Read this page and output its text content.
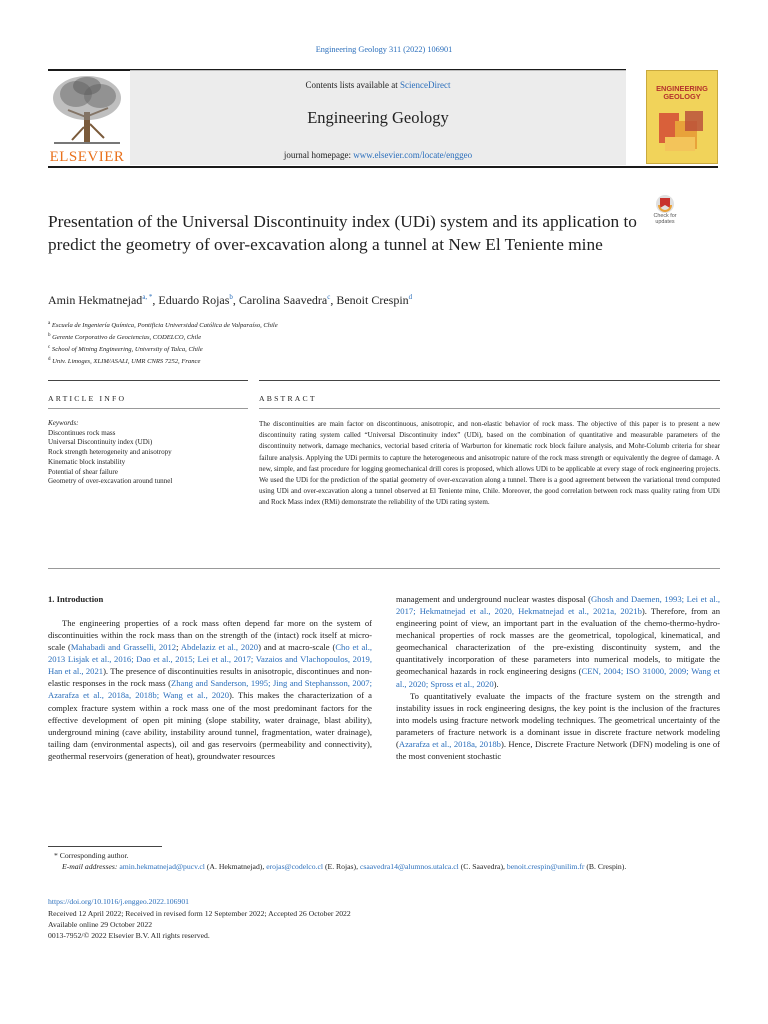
Engineering Geology 311 (2022) 106901
ELSEVIER
Contents lists available at ScienceDirect
Engineering Geology
journal homepage: www.elsevier.com/locate/enggeo
ENGINEERING
GEOLOGY
Presentation of the Universal Discontinuity index (UDi) system and its application to predict the geometry of over-excavation along a tunnel at New El Teniente mine
Check for
updates
Amin Hekmatnejad$^{a, *}$, Eduardo Rojas$^b$, Carolina Saavedra$^c$, Benoit Crespin$^d$
$^a$ Escuela de Ingeniería Química, Pontificia Universidad Católica de Valparaíso, Chile
$^b$ Gerente Corporativo de Geociencias, CODELCO, Chile
$^c$ School of Mining Engineering, University of Talca, Chile
$^d$ Univ. Limoges, XLIM/ASALI, UMR CNRS 7252, France
ARTICLE INFO	ABSTRACT
Keywords:
Discontinues rock mass
Universal Discontinuity index (UDi)
Rock strength heterogeneity and anisotropy
Kinematic block instability
Potential of shear failure
Geometry of over-excavation around tunnel
The discontinuities are main factor on discontinuous, anisotropic, and non-elastic behavior of rock mass. The objective of this paper is to present a new discontinuity rating system called “Universal Discontinuity index” (UDi), based on the combination of quantitative and measurable parameters of the discontinuity network, damage mechanics, vectorial based criteria of Warburton for kinematic rock block failure analysis, and Mohr-Columb criteria for shear failure analysis. Applying the UDi permits to capture the heterogeneous and anisotropic nature of the rock mass strength or equivalently the degree of damage. A new, simple, and fast procedure for logging geomechanical drill cores is proposed, which allows UDi to be applicable at every stage of rock engineering projects. We used the UDi for the prediction of the spatial geometry of over-excavation along a tunnel. There is a good agreement between the variational trend computed using UDi and over-excavation along a tunnel observed at El Teniente mine, Chile. Moreover, the good correlation between rock mass quality rating from UDi and Rock Mass index (RMi) demonstrate the reliability of the UDi rating system.
1. Introduction

The engineering properties of a rock mass often depend far more on the system of discontinuities within the rock mass than on the strength of the (intact) rock itself at micro-scale (Mahabadi and Grasselli, 2012; Abdelaziz et al., 2020) and at macro-scale (Cho et al., 2013 Lisjak et al., 2016; Dao et al., 2015; Lei et al., 2017; Vazaios and Vlachopoulos, 2019, Han et al., 2021). The presence of discontinuities results in anisotropic, discontinues and non-elastic responses in the rock mass (Zhang and Sanderson, 1995; Jing and Stephansson, 2007; Azarafza et al., 2018a, 2018b; Wang et al., 2020). This makes the characterization of a complex fracture system within a rock mass one of the most predominant factors for the effective development of open pit mining (slope stability, water drainage, blast ability), underground mining (cave ability, instability around tunnel, fragmentation, water drainage), tailing dam (environmental aspects), oil and gas reservoirs (permeability and connectivity), geothermal reservoirs (generation of heat), groundwater resources

management and underground nuclear wastes disposal (Ghosh and Daemen, 1993; Lei et al., 2017; Hekmatnejad et al., 2020, Hekmatnejad et al., 2021a, 2021b). Therefore, from an engineering point of view, an important part in the evaluation of the chemo-thermo-hydro-mechanical properties of rock masses are the geometrical, topological, kinematical, and geomechanical characterization of the pre-existing discontinuity system, and the quantitatively incorporation of these parameters into numerical models, to mitigate the geomechanical hazards in rock engineering designs (CEN, 2004; ISO 31000, 2009; Wang et al., 2020; Spross et al., 2020).

To quantitatively evaluate the impacts of the fracture system on the strength and instability issues in rock engineering designs, the key point is the inclusion of the fractures into models using fracture network modeling techniques. The geometrical uncertainty of the parameters of fracture network is a dominant issue in discrete fracture network modeling (Azarafza et al., 2018a, 2018b). Hence, Discrete Fracture Network (DFN) modeling is one of the most convenient stochastic

* Corresponding author.
E-mail addresses: amin.hekmatnejad@pucv.cl (A. Hekmatnejad), erojas@codelco.cl (E. Rojas), csaavedra14@alumnos.utalca.cl (C. Saavedra), benoit.crespin@unilim.fr (B. Crespin).
https://doi.org/10.1016/j.enggeo.2022.106901
Received 12 April 2022; Received in revised form 12 September 2022; Accepted 26 October 2022
Available online 29 October 2022
0013-7952/© 2022 Elsevier B.V. All rights reserved.
